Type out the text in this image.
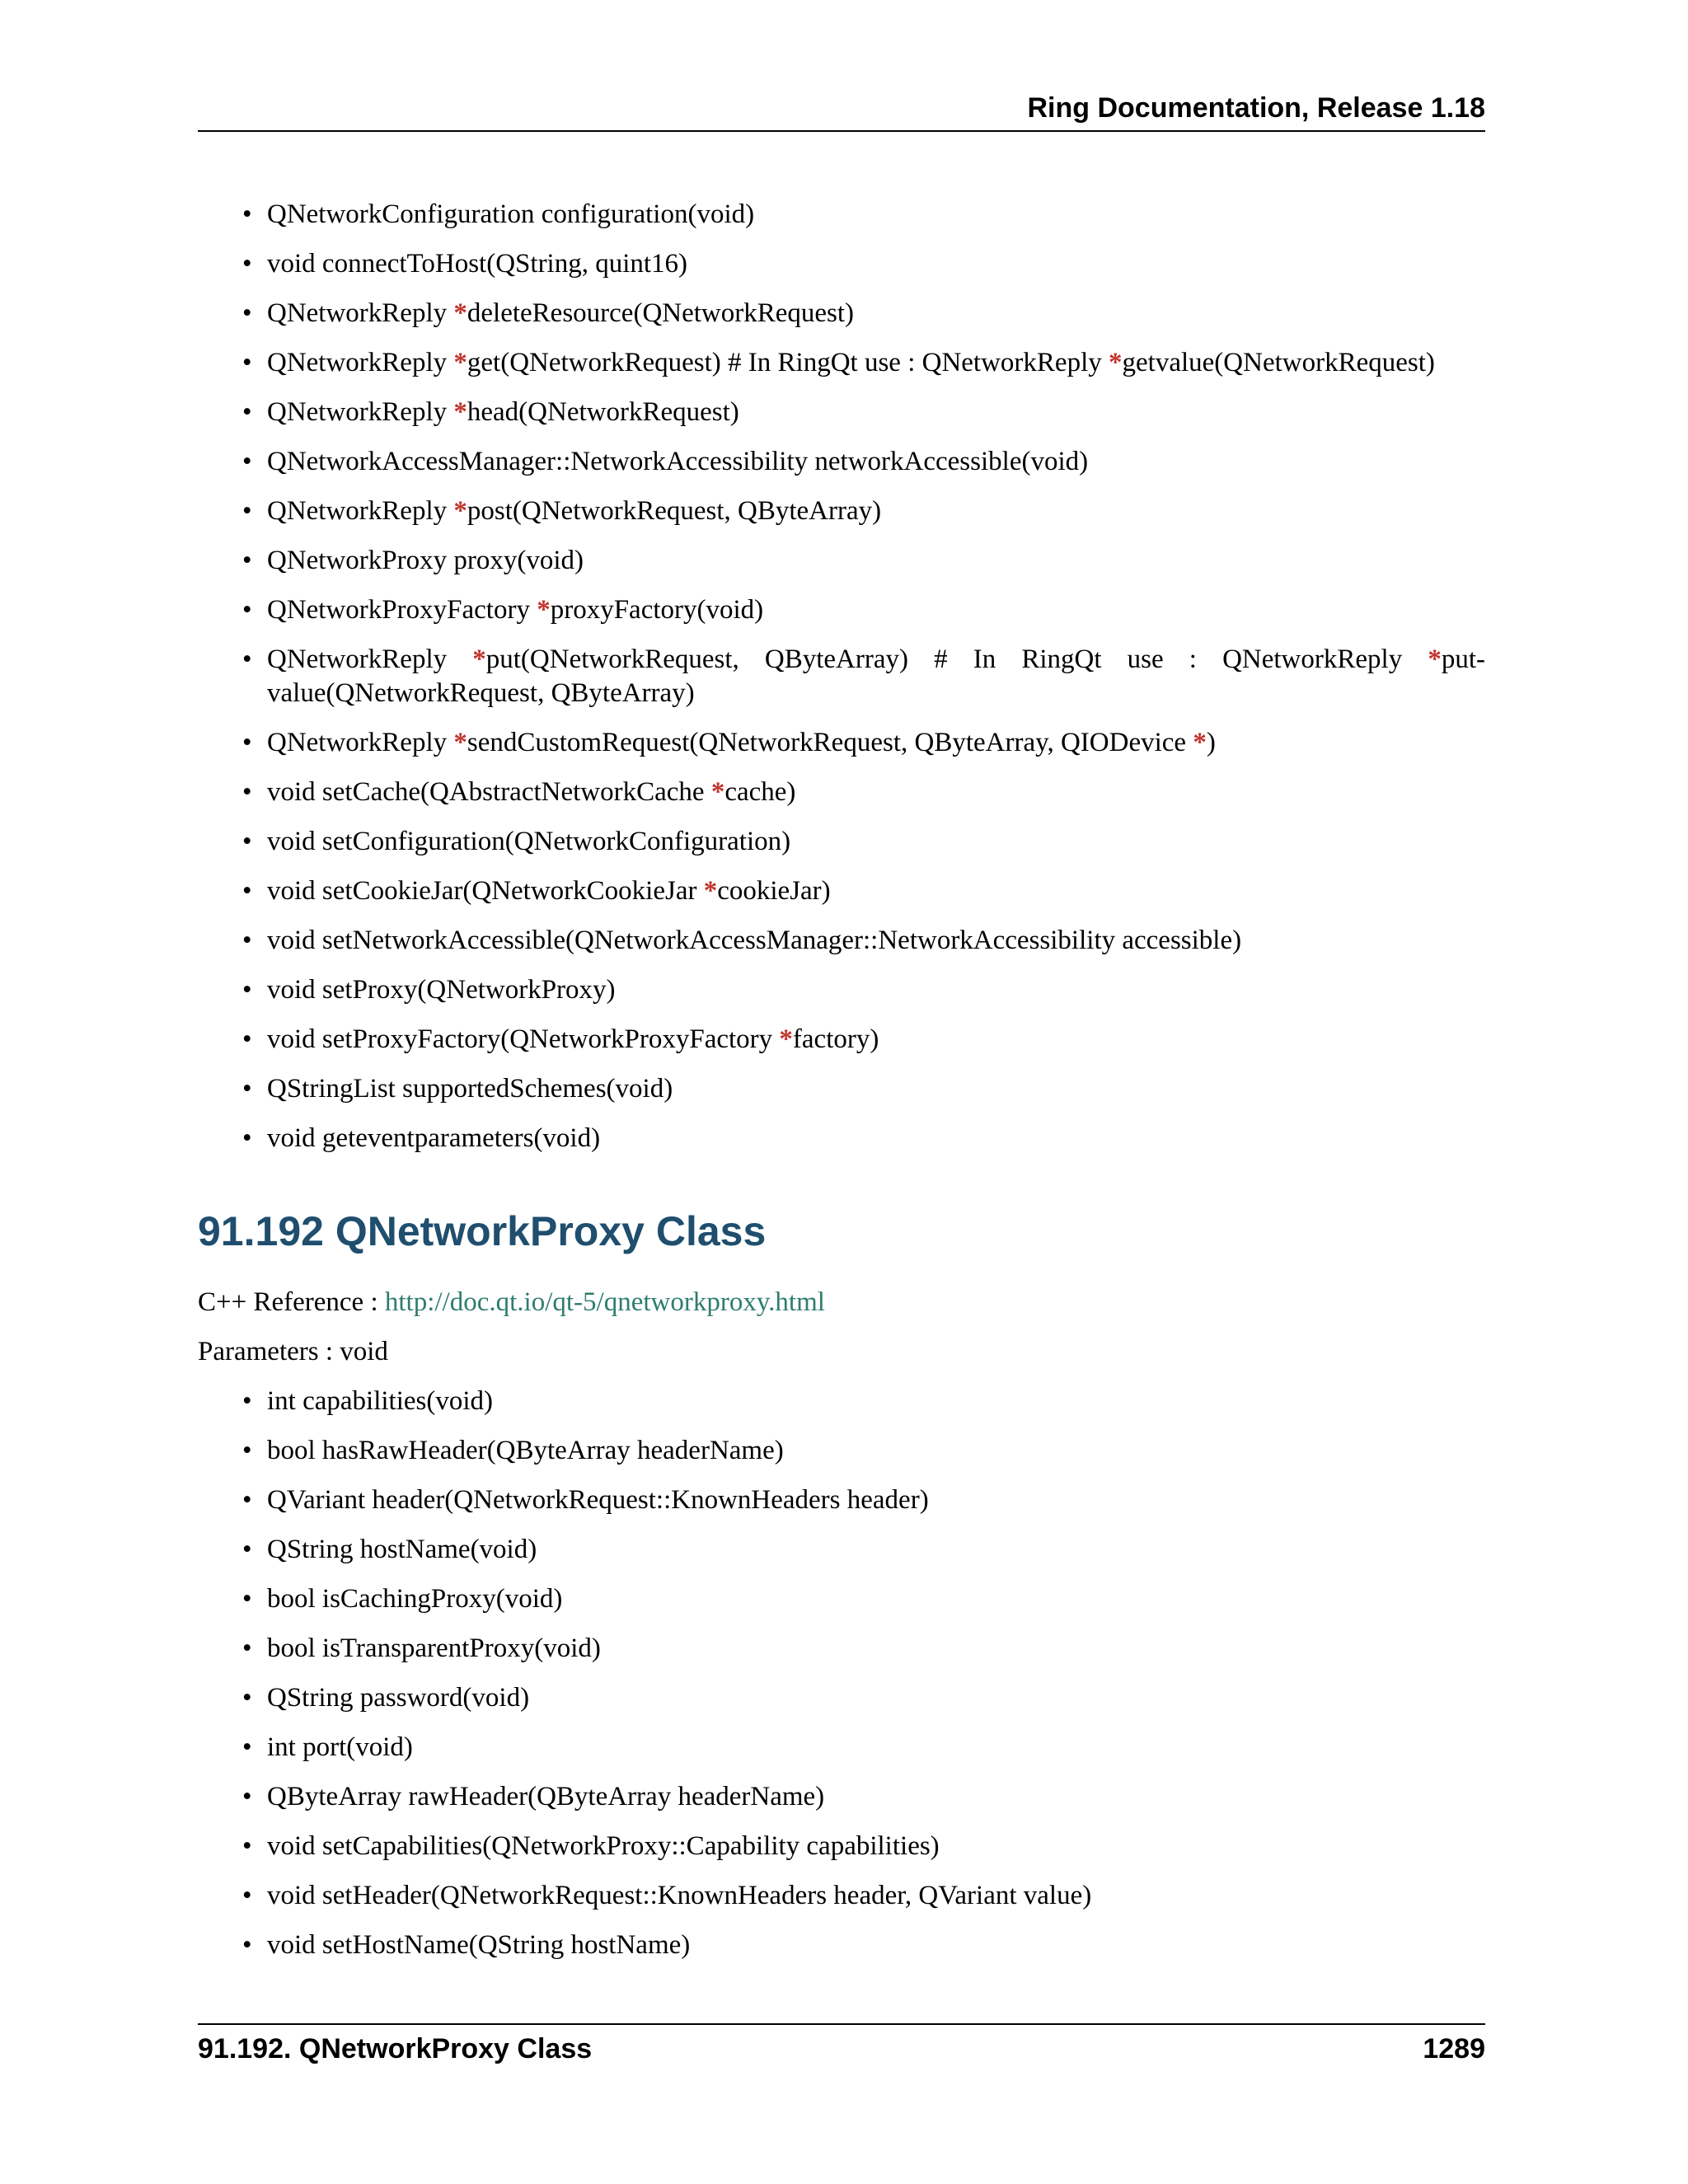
Ring Documentation, Release 1.18
• QNetworkConfiguration configuration(void)
• void connectToHost(QString, quint16)
• QNetworkReply *deleteResource(QNetworkRequest)
• QNetworkReply *get(QNetworkRequest) # In RingQt use : QNetworkReply *getvalue(QNetworkRequest)
• QNetworkReply *head(QNetworkRequest)
• QNetworkAccessManager::NetworkAccessibility networkAccessible(void)
• QNetworkReply *post(QNetworkRequest, QByteArray)
• QNetworkProxy proxy(void)
• QNetworkProxyFactory *proxyFactory(void)
• QNetworkReply *put(QNetworkRequest, QByteArray) # In RingQt use : QNetworkReply *put-value(QNetworkRequest, QByteArray)
• QNetworkReply *sendCustomRequest(QNetworkRequest, QByteArray, QIODevice *)
• void setCache(QAbstractNetworkCache *cache)
• void setConfiguration(QNetworkConfiguration)
• void setCookieJar(QNetworkCookieJar *cookieJar)
• void setNetworkAccessible(QNetworkAccessManager::NetworkAccessibility accessible)
• void setProxy(QNetworkProxy)
• void setProxyFactory(QNetworkProxyFactory *factory)
• QStringList supportedSchemes(void)
• void geteventparameters(void)
91.192 QNetworkProxy Class

C++ Reference : http://doc.qt.io/qt-5/qnetworkproxy.html

Parameters : void

• int capabilities(void)
• bool hasRawHeader(QByteArray headerName)
• QVariant header(QNetworkRequest::KnownHeaders header)
• QString hostName(void)
• bool isCachingProxy(void)
• bool isTransparentProxy(void)
• QString password(void)
• int port(void)
• QByteArray rawHeader(QByteArray headerName)
• void setCapabilities(QNetworkProxy::Capability capabilities)
• void setHeader(QNetworkRequest::KnownHeaders header, QVariant value)
• void setHostName(QString hostName)
91.192. QNetworkProxy Class	1289
